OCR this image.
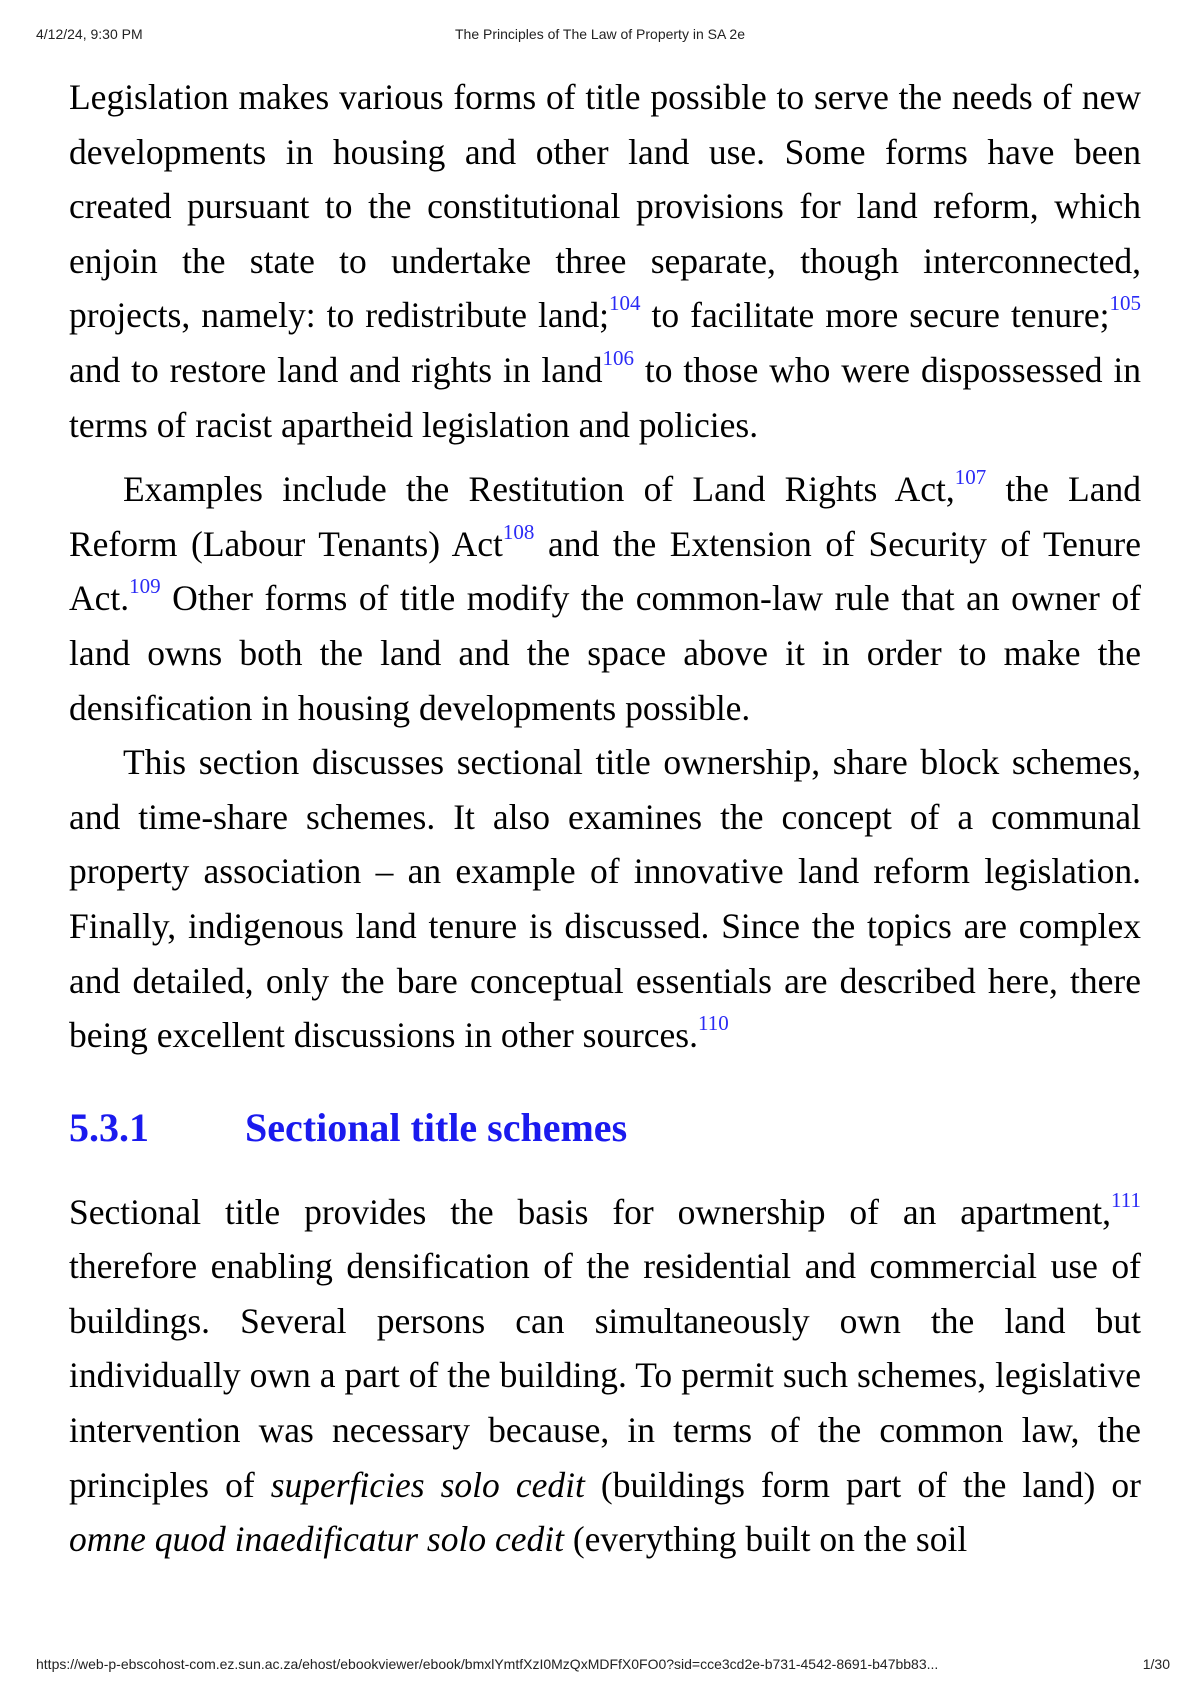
4/12/24, 9:30 PM	The Principles of The Law of Property in SA 2e

Legislation makes various forms of title possible to serve the needs of new developments in housing and other land use. Some forms have been created pursuant to the constitutional provisions for land reform, which enjoin the state to undertake three separate, though interconnected, projects, namely: to redistribute land;$^{104}$ to facilitate more secure tenure;$^{105}$ and to restore land and rights in land$^{106}$ to those who were dispossessed in terms of racist apartheid legislation and policies.

Examples include the Restitution of Land Rights Act,$^{107}$ the Land Reform (Labour Tenants) Act$^{108}$ and the Extension of Security of Tenure Act.$^{109}$ Other forms of title modify the common-law rule that an owner of land owns both the land and the space above it in order to make the densification in housing developments possible.

This section discusses sectional title ownership, share block schemes, and time-share schemes. It also examines the concept of a communal property association – an example of innovative land reform legislation. Finally, indigenous land tenure is discussed. Since the topics are complex and detailed, only the bare conceptual essentials are described here, there being excellent discussions in other sources.$^{110}$

5.3.1 Sectional title schemes

Sectional title provides the basis for ownership of an apartment,$^{111}$ therefore enabling densification of the residential and commercial use of buildings. Several persons can simultaneously own the land but individually own a part of the building. To permit such schemes, legislative intervention was necessary because, in terms of the common law, the principles of superficies solo cedit (buildings form part of the land) or omne quod inaedificatur solo cedit (everything built on the soil

https://web-p-ebscohost-com.ez.sun.ac.za/ehost/ebookviewer/ebook/bmxlYmtfXzI0MzQxMDFfX0FO0?sid=cce3cd2e-b731-4542-8691-b47bb83...	1/30
